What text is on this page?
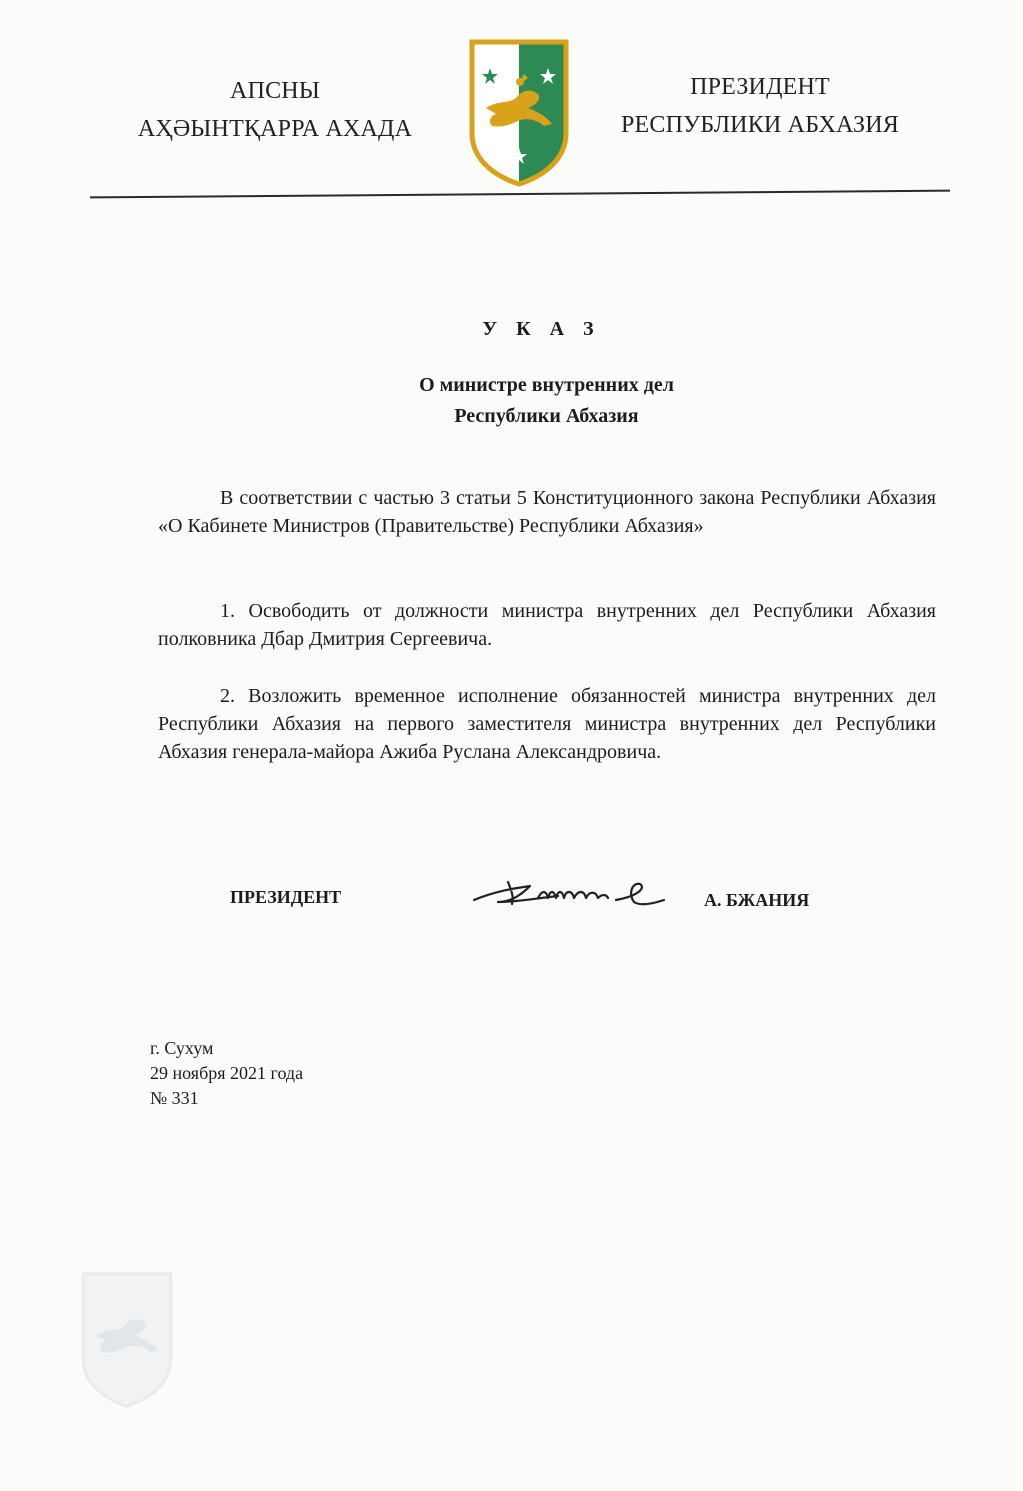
АПСНЫ
АҲӘЫНТҚАРРА АХАДА
ПРЕЗИДЕНТ
РЕСПУБЛИКИ АБХАЗИЯ
У К А З
О министре внутренних дел
Республики Абхазия

В соответствии с частью 3 статьи 5 Конституционного закона Республики Абхазия «О Кабинете Министров (Правительстве) Республики Абхазия»

1. Освободить от должности министра внутренних дел Республики Абхазия полковника Дбар Дмитрия Сергеевича.

2. Возложить временное исполнение обязанностей министра внутренних дел Республики Абхазия на первого заместителя министра внутренних дел Республики Абхазия генерала-майора Ажиба Руслана Александровича.

ПРЕЗИДЕНТ	А. БЖАНИЯ
г. Сухум
29 ноября 2021 года
№ 331
